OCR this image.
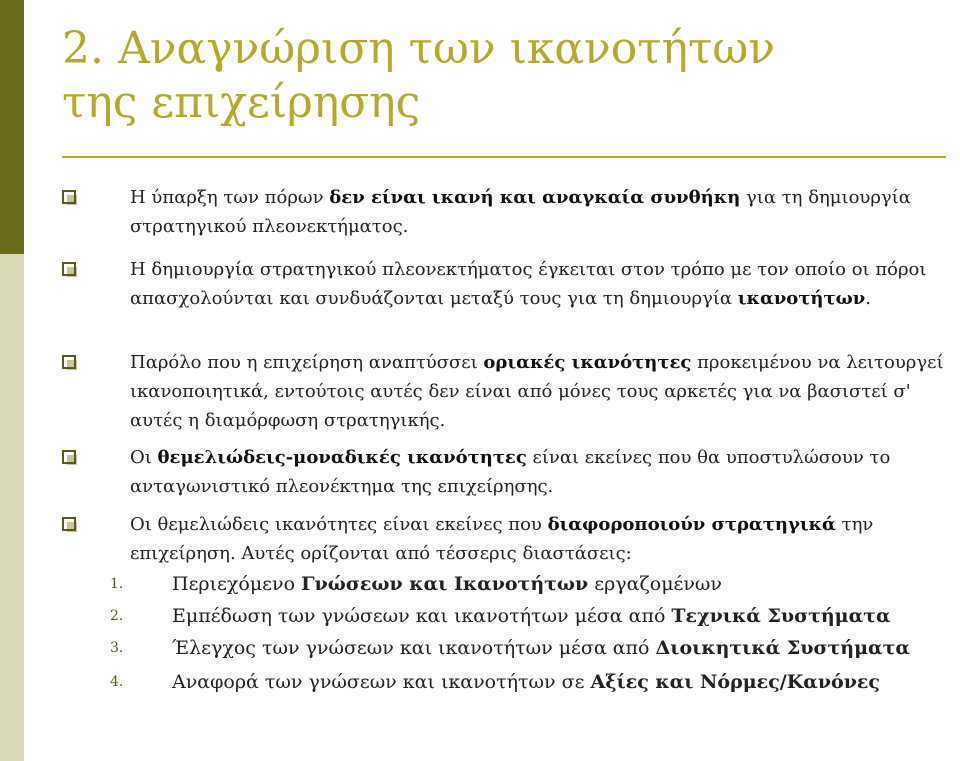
2. Αναγνώριση των ικανοτήτων
της επιχείρησης
Η ύπαρξη των πόρων δεν είναι ικανή και αναγκαία συνθήκη για τη δημιουργία στρατηγικού πλεονεκτήματος.
Η δημιουργία στρατηγικού πλεονεκτήματος έγκειται στον τρόπο με τον οποίο οι πόροι απασχολούνται και συνδυάζονται μεταξύ τους για τη δημιουργία ικανοτήτων.
Παρόλο που η επιχείρηση αναπτύσσει οριακές ικανότητες προκειμένου να λειτουργεί ικανοποιητικά, εντούτοις αυτές δεν είναι από μόνες τους αρκετές για να βασιστεί σ' αυτές η διαμόρφωση στρατηγικής.
Οι θεμελιώδεις-μοναδικές ικανότητες είναι εκείνες που θα υποστυλώσουν το ανταγωνιστικό πλεονέκτημα της επιχείρησης.
Οι θεμελιώδεις ικανότητες είναι εκείνες που διαφοροποιούν στρατηγικά την επιχείρηση. Αυτές ορίζονται από τέσσερις διαστάσεις:
1.	Περιεχόμενο Γνώσεων και Ικανοτήτων εργαζομένων
2.	Εμπέδωση των γνώσεων και ικανοτήτων μέσα από Τεχνικά Συστήματα
3.	Έλεγχος των γνώσεων και ικανοτήτων μέσα από Διοικητικά Συστήματα
4.	Αναφορά των γνώσεων και ικανοτήτων σε Αξίες και Νόρμες/Κανόνες
